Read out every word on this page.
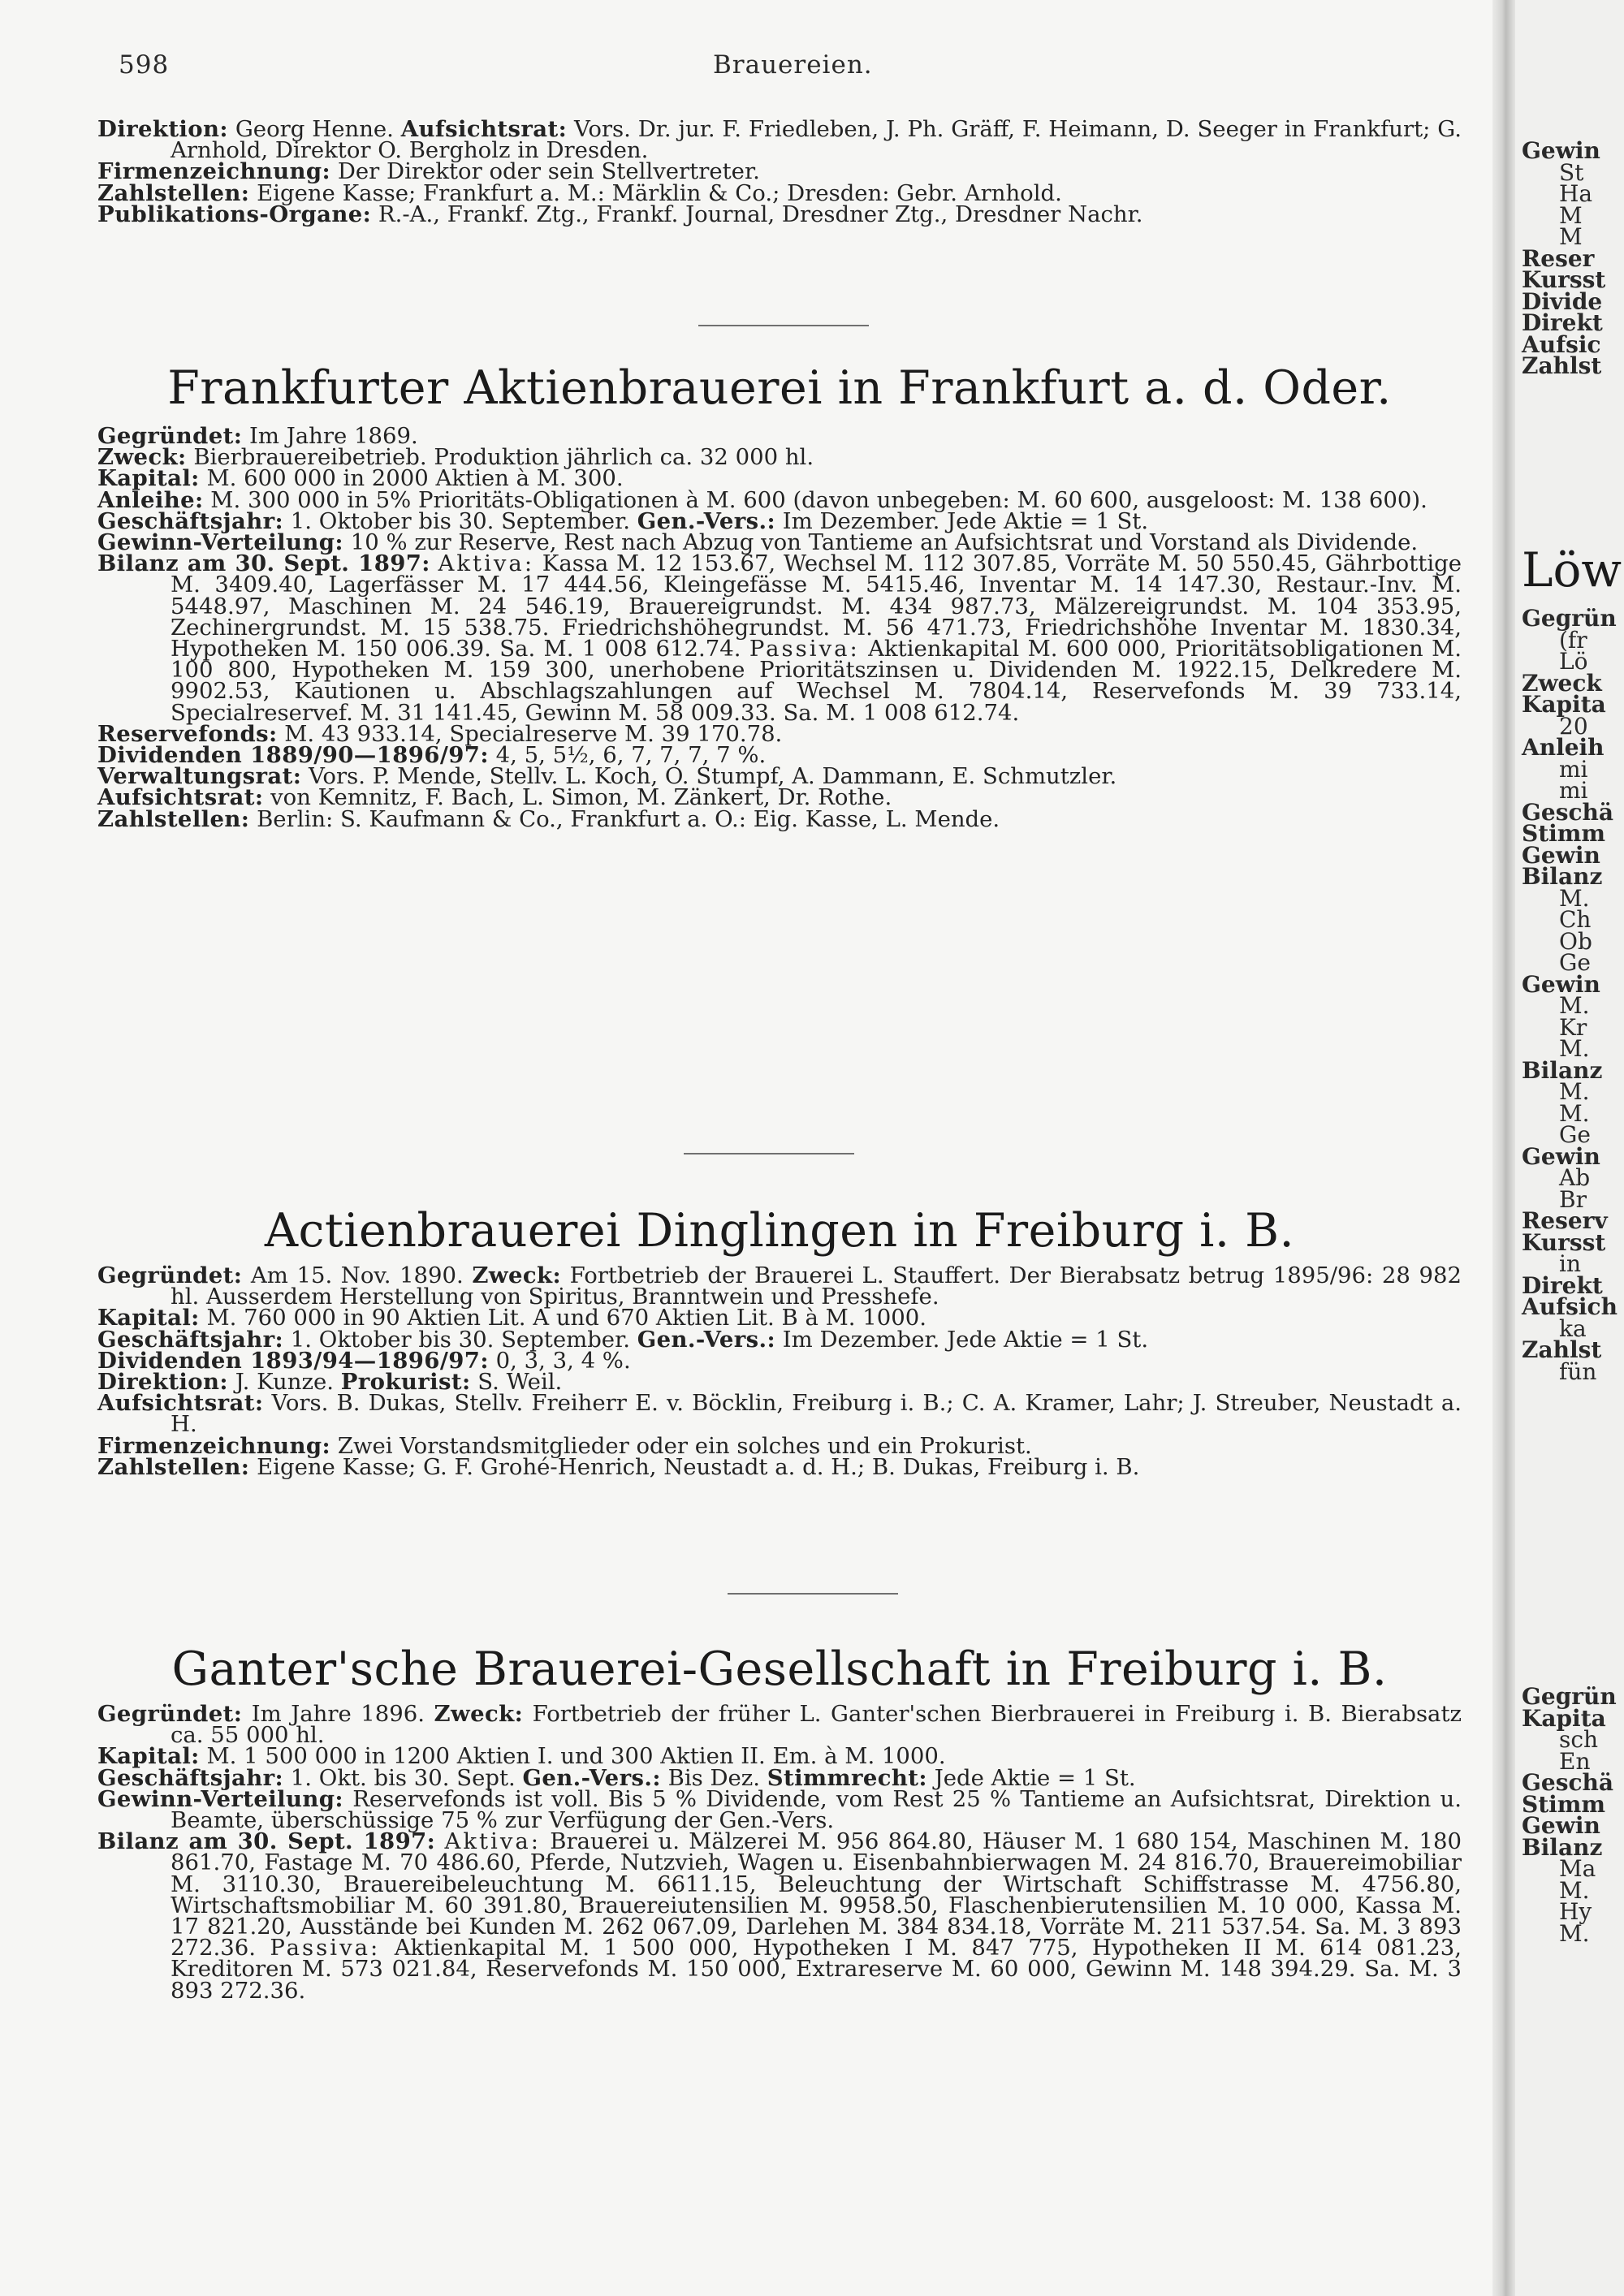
598	Brauereien.

Direktion: Georg Henne. Aufsichtsrat: Vors. Dr. jur. F. Friedleben, J. Ph. Gräff, F. Heimann, D. Seeger in Frankfurt; G. Arnhold, Direktor O. Bergholz in Dresden.

Firmenzeichnung: Der Direktor oder sein Stellvertreter.

Zahlstellen: Eigene Kasse; Frankfurt a. M.: Märklin & Co.; Dresden: Gebr. Arnhold.

Publikations-Organe: R.-A., Frankf. Ztg., Frankf. Journal, Dresdner Ztg., Dresdner Nachr.

Frankfurter Aktienbrauerei in Frankfurt a. d. Oder.

Gegründet: Im Jahre 1869.

Zweck: Bierbrauereibetrieb. Produktion jährlich ca. 32 000 hl.

Kapital: M. 600 000 in 2000 Aktien à M. 300.

Anleihe: M. 300 000 in 5% Prioritäts-Obligationen à M. 600 (davon unbegeben: M. 60 600, ausgeloost: M. 138 600).

Geschäftsjahr: 1. Oktober bis 30. September. Gen.-Vers.: Im Dezember. Jede Aktie = 1 St.

Gewinn-Verteilung: 10 % zur Reserve, Rest nach Abzug von Tantieme an Aufsichtsrat und Vorstand als Dividende.

Bilanz am 30. Sept. 1897: Aktiva: Kassa M. 12 153.67, Wechsel M. 112 307.85, Vorräte M. 50 550.45, Gährbottige M. 3409.40, Lagerfässer M. 17 444.56, Kleingefässe M. 5415.46, Inventar M. 14 147.30, Restaur.-Inv. M. 5448.97, Maschinen M. 24 546.19, Brauereigrundst. M. 434 987.73, Mälzereigrundst. M. 104 353.95, Zechinergrundst. M. 15 538.75. Friedrichshöhegrundst. M. 56 471.73, Friedrichshöhe Inventar M. 1830.34, Hypotheken M. 150 006.39. Sa. M. 1 008 612.74. Passiva: Aktienkapital M. 600 000, Prioritätsobligationen M. 100 800, Hypotheken M. 159 300, unerhobene Prioritätszinsen u. Dividenden M. 1922.15, Delkredere M. 9902.53, Kautionen u. Abschlagszahlungen auf Wechsel M. 7804.14, Reservefonds M. 39 733.14, Specialreservef. M. 31 141.45, Gewinn M. 58 009.33. Sa. M. 1 008 612.74.

Reservefonds: M. 43 933.14, Specialreserve M. 39 170.78.

Dividenden 1889/90—1896/97: 4, 5, 5½, 6, 7, 7, 7, 7 %.

Verwaltungsrat: Vors. P. Mende, Stellv. L. Koch, O. Stumpf, A. Dammann, E. Schmutzler.

Aufsichtsrat: von Kemnitz, F. Bach, L. Simon, M. Zänkert, Dr. Rothe.

Zahlstellen: Berlin: S. Kaufmann & Co., Frankfurt a. O.: Eig. Kasse, L. Mende.

Actienbrauerei Dinglingen in Freiburg i. B.

Gegründet: Am 15. Nov. 1890. Zweck: Fortbetrieb der Brauerei L. Stauffert. Der Bierabsatz betrug 1895/96: 28 982 hl. Ausserdem Herstellung von Spiritus, Branntwein und Presshefe.

Kapital: M. 760 000 in 90 Aktien Lit. A und 670 Aktien Lit. B à M. 1000.

Geschäftsjahr: 1. Oktober bis 30. September. Gen.-Vers.: Im Dezember. Jede Aktie = 1 St.

Dividenden 1893/94—1896/97: 0, 3, 3, 4 %.

Direktion: J. Kunze. Prokurist: S. Weil.

Aufsichtsrat: Vors. B. Dukas, Stellv. Freiherr E. v. Böcklin, Freiburg i. B.; C. A. Kramer, Lahr; J. Streuber, Neustadt a. H.

Firmenzeichnung: Zwei Vorstandsmitglieder oder ein solches und ein Prokurist.

Zahlstellen: Eigene Kasse; G. F. Grohé-Henrich, Neustadt a. d. H.; B. Dukas, Freiburg i. B.

Ganter'sche Brauerei-Gesellschaft in Freiburg i. B.

Gegründet: Im Jahre 1896. Zweck: Fortbetrieb der früher L. Ganter'schen Bierbrauerei in Freiburg i. B. Bierabsatz ca. 55 000 hl.

Kapital: M. 1 500 000 in 1200 Aktien I. und 300 Aktien II. Em. à M. 1000.

Geschäftsjahr: 1. Okt. bis 30. Sept. Gen.-Vers.: Bis Dez. Stimmrecht: Jede Aktie = 1 St.

Gewinn-Verteilung: Reservefonds ist voll. Bis 5 % Dividende, vom Rest 25 % Tantieme an Aufsichtsrat, Direktion u. Beamte, überschüssige 75 % zur Verfügung der Gen.-Vers.

Bilanz am 30. Sept. 1897: Aktiva: Brauerei u. Mälzerei M. 956 864.80, Häuser M. 1 680 154, Maschinen M. 180 861.70, Fastage M. 70 486.60, Pferde, Nutzvieh, Wagen u. Eisenbahnbierwagen M. 24 816.70, Brauereimobiliar M. 3110.30, Brauereibeleuchtung M. 6611.15, Beleuchtung der Wirtschaft Schiffstrasse M. 4756.80, Wirtschaftsmobiliar M. 60 391.80, Brauereiutensilien M. 9958.50, Flaschenbierutensilien M. 10 000, Kassa M. 17 821.20, Ausstände bei Kunden M. 262 067.09, Darlehen M. 384 834.18, Vorräte M. 211 537.54. Sa. M. 3 893 272.36. Passiva: Aktienkapital M. 1 500 000, Hypotheken I M. 847 775, Hypotheken II M. 614 081.23, Kreditoren M. 573 021.84, Reservefonds M. 150 000, Extrareserve M. 60 000, Gewinn M. 148 394.29. Sa. M. 3 893 272.36.

Gewin
St
Ha
M
M
Reser
Kursst
Divide
Direkt
Aufsic
Zahlst
Löw
Gegrün
(fr
Lö
Zweck
Kapita
20
Anleih
mi
mi
Geschä
Stimm
Gewin
Bilanz
M.
Ch
Ob
Ge
Gewin
M.
Kr
M.
Bilanz
M.
M.
Ge
Gewin
Ab
Br
Reserv
Kursst
in
Direkt
Aufsich
ka
Zahlst
fün
Gegrün
Kapita
sch
En
Geschä
Stimm
Gewin
Bilanz
Ma
M.
Hy
M.
